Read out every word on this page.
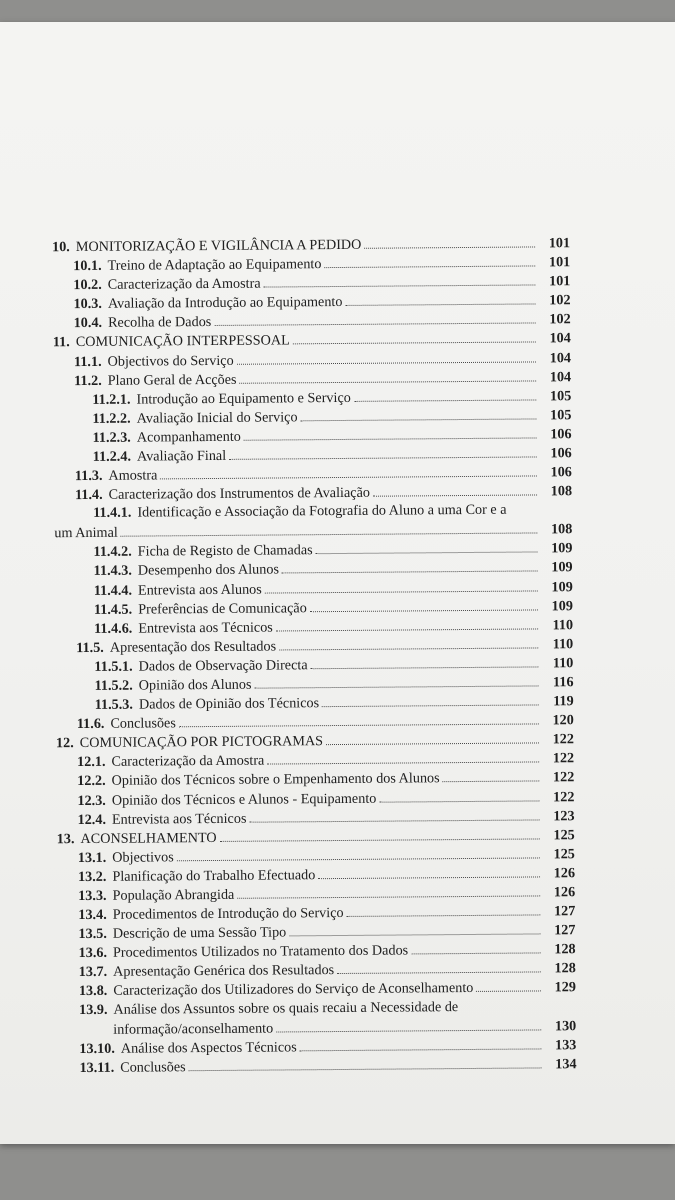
10. MONITORIZAÇÃO E VIGILÂNCIA A PEDIDO	101
10.1. Treino de Adaptação ao Equipamento	101
10.2. Caracterização da Amostra	101
10.3. Avaliação da Introdução ao Equipamento	102
10.4. Recolha de Dados	102
11. COMUNICAÇÃO INTERPESSOAL	104
11.1. Objectivos do Serviço	104
11.2. Plano Geral de Acções	104
11.2.1. Introdução ao Equipamento e Serviço	105
11.2.2. Avaliação Inicial do Serviço	105
11.2.3. Acompanhamento	106
11.2.4. Avaliação Final	106
11.3. Amostra	106
11.4. Caracterização dos Instrumentos de Avaliação	108
11.4.1. Identificação e Associação da Fotografia do Aluno a uma Cor e a
um Animal	108
11.4.2. Ficha de Registo de Chamadas	109
11.4.3. Desempenho dos Alunos	109
11.4.4. Entrevista aos Alunos	109
11.4.5. Preferências de Comunicação	109
11.4.6. Entrevista aos Técnicos	110
11.5. Apresentação dos Resultados	110
11.5.1. Dados de Observação Directa	110
11.5.2. Opinião dos Alunos	116
11.5.3. Dados de Opinião dos Técnicos	119
11.6. Conclusões	120
12. COMUNICAÇÃO POR PICTOGRAMAS	122
12.1. Caracterização da Amostra	122
12.2. Opinião dos Técnicos sobre o Empenhamento dos Alunos	122
12.3. Opinião dos Técnicos e Alunos - Equipamento	122
12.4. Entrevista aos Técnicos	123
13. ACONSELHAMENTO	125
13.1. Objectivos	125
13.2. Planificação do Trabalho Efectuado	126
13.3. População Abrangida	126
13.4. Procedimentos de Introdução do Serviço	127
13.5. Descrição de uma Sessão Tipo	127
13.6. Procedimentos Utilizados no Tratamento dos Dados	128
13.7. Apresentação Genérica dos Resultados	128
13.8. Caracterização dos Utilizadores do Serviço de Aconselhamento	129
13.9. Análise dos Assuntos sobre os quais recaiu a Necessidade de
informação/aconselhamento	130
13.10. Análise dos Aspectos Técnicos	133
13.11. Conclusões	134
